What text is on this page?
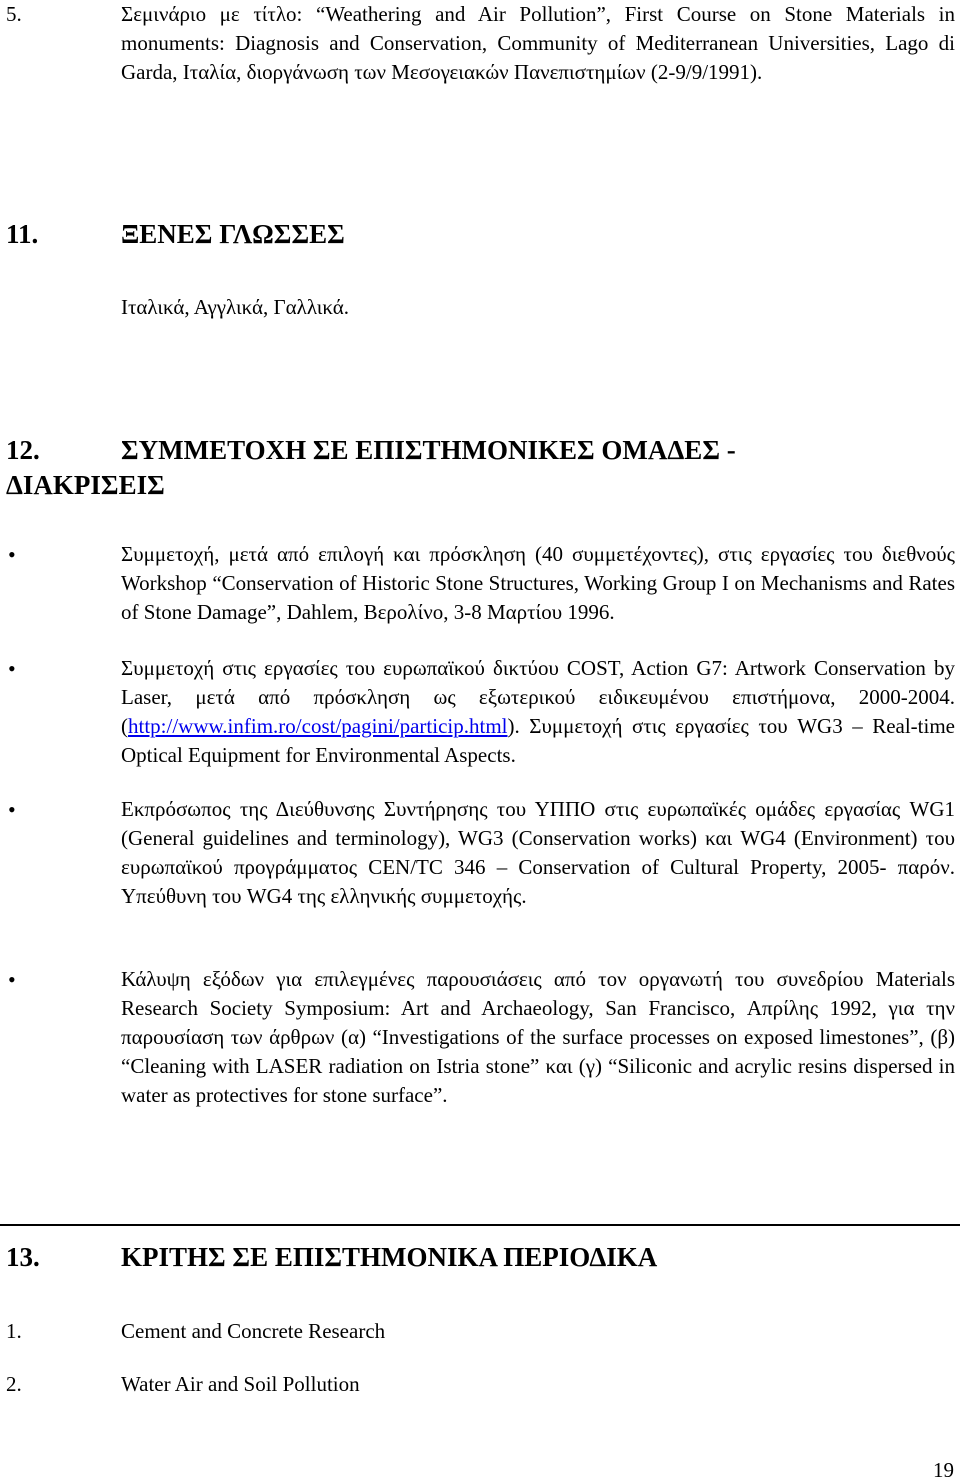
5.	Σεμινάριο με τίτλο: “Weathering and Air Pollution”, First Course on Stone Materials in monuments: Diagnosis and Conservation, Community of Mediterranean Universities, Lago di Garda, Ιταλία, διοργάνωση των Μεσογειακών Πανεπιστημίων (2-9/9/1991).
11.	ΞΕΝΕΣ ΓΛΩΣΣΕΣ
Ιταλικά, Αγγλικά, Γαλλικά.
12.	ΣΥΜΜΕΤΟΧΗ ΣΕ ΕΠΙΣΤΗΜΟΝΙΚΕΣ ΟΜΑΔΕΣ -
ΔΙΑΚΡΙΣΕΙΣ
•	Συμμετοχή, μετά από επιλογή και πρόσκληση (40 συμμετέχοντες), στις εργασίες του διεθνούς Workshop “Conservation of Historic Stone Structures, Working Group I on Mechanisms and Rates of Stone Damage”, Dahlem, Βερολίνο, 3-8 Μαρτίου 1996.
•	Συμμετοχή στις εργασίες του ευρωπαϊκού δικτύου COST, Action G7: Artwork Conservation by Laser, μετά από πρόσκληση ως εξωτερικού ειδικευμένου επιστήμονα, 2000-2004. (http://www.infim.ro/cost/pagini/particip.html). Συμμετοχή στις εργασίες του WG3 – Real-time Optical Equipment for Environmental Aspects.
•	Εκπρόσωπος της Διεύθυνσης Συντήρησης του ΥΠΠΟ στις ευρωπαϊκές ομάδες εργασίας WG1 (General guidelines and terminology), WG3 (Conservation works) και WG4 (Environment) του ευρωπαϊκού προγράμματος CEN/TC 346 – Conservation of Cultural Property, 2005- παρόν. Υπεύθυνη του WG4 της ελληνικής συμμετοχής.
•	Κάλυψη εξόδων για επιλεγμένες παρουσιάσεις από τον οργανωτή του συνεδρίου Materials Research Society Symposium: Art and Archaeology, San Francisco, Απρίλης 1992, για την παρουσίαση των άρθρων (α) “Investigations of the surface processes on exposed limestones”, (β) “Cleaning with LASER radiation on Istria stone” και (γ) “Siliconic and acrylic resins dispersed in water as protectives for stone surface”.
13.	ΚΡΙΤΗΣ ΣΕ ΕΠΙΣΤΗΜΟΝΙΚΑ ΠΕΡΙΟΔΙΚΑ
1.	Cement and Concrete Research
2.	Water Air and Soil Pollution
19
